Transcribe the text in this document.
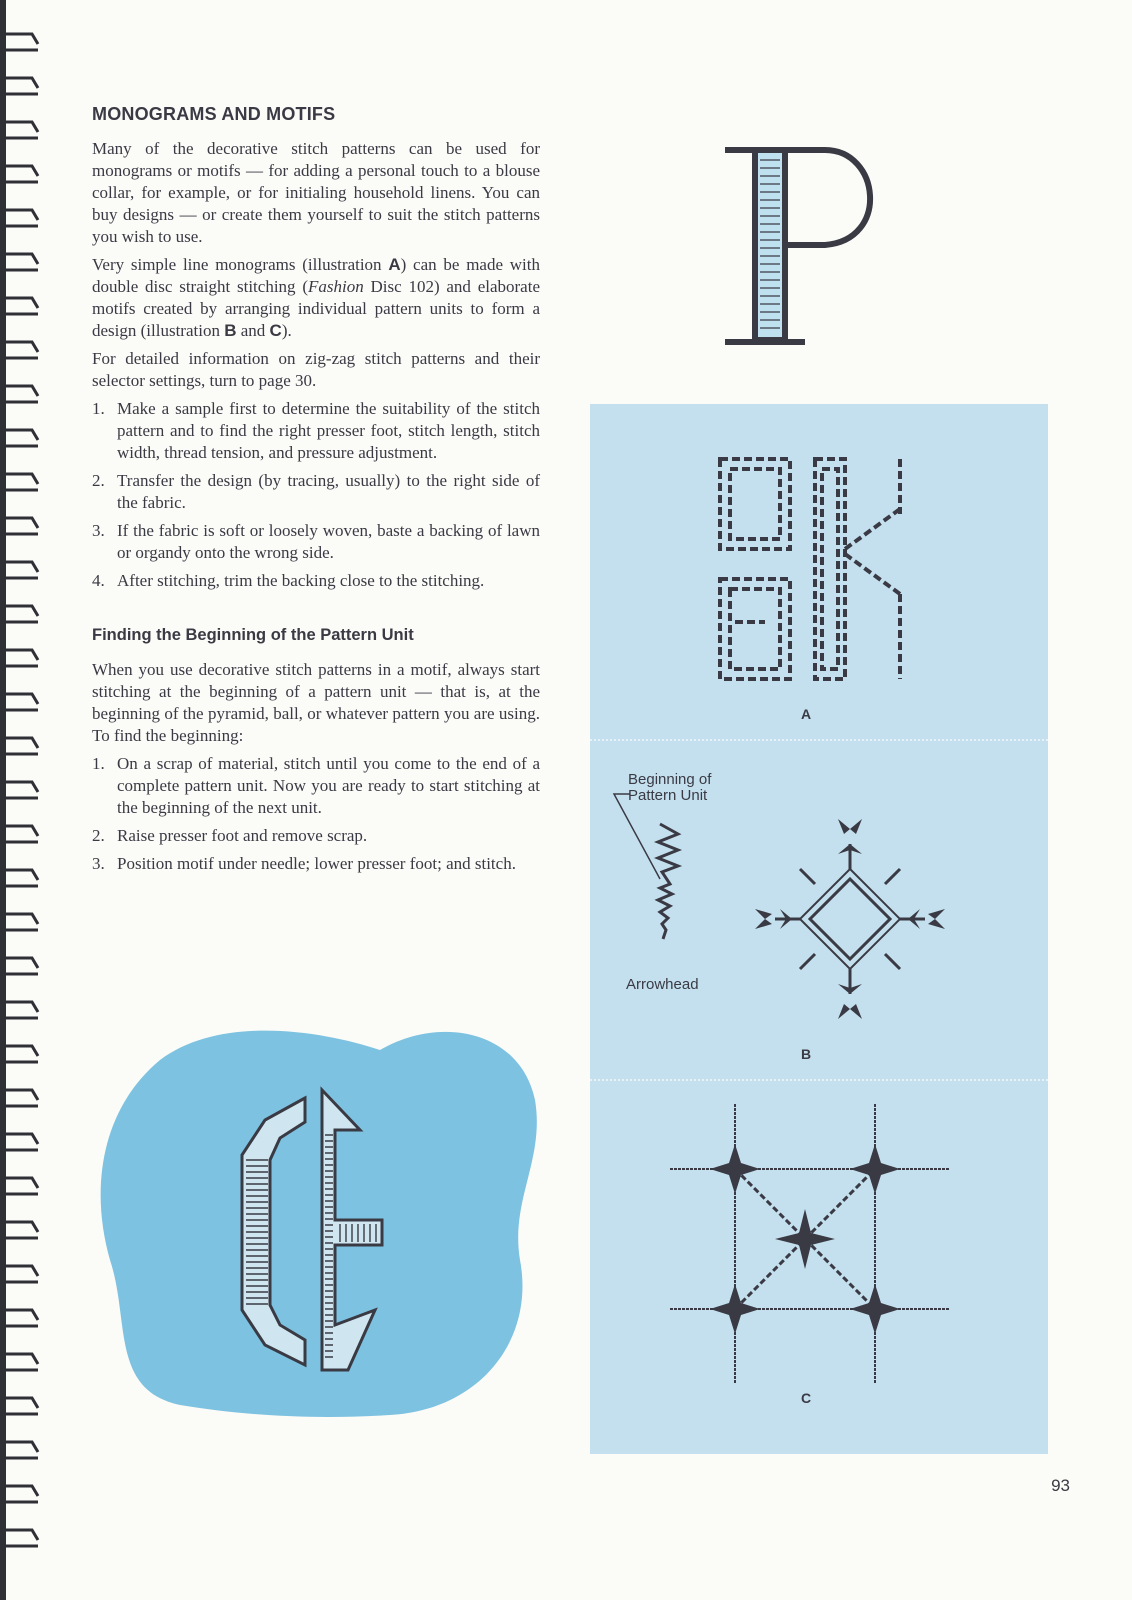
MONOGRAMS AND MOTIFS

Many of the decorative stitch patterns can be used for monograms or motifs — for adding a personal touch to a blouse collar, for example, or for initialing household linens. You can buy designs — or create them yourself to suit the stitch patterns you wish to use.

Very simple line monograms (illustration A) can be made with double disc straight stitching (Fashion Disc 102) and elaborate motifs created by arranging individual pattern units to form a design (illustration B and C).

For detailed information on zig-zag stitch patterns and their selector settings, turn to page 30.

1. Make a sample first to determine the suitability of the stitch pattern and to find the right presser foot, stitch length, stitch width, thread tension, and pressure adjustment.
2. Transfer the design (by tracing, usually) to the right side of the fabric.
3. If the fabric is soft or loosely woven, baste a backing of lawn or organdy onto the wrong side.
4. After stitching, trim the backing close to the stitching.
Finding the Beginning of the Pattern Unit

When you use decorative stitch patterns in a motif, always start stitching at the beginning of a pattern unit — that is, at the beginning of the pyramid, ball, or whatever pattern you are using. To find the beginning:

1. On a scrap of material, stitch until you come to the end of a complete pattern unit. Now you are ready to start stitching at the beginning of the next unit.
2. Raise presser foot and remove scrap.
3. Position motif under needle; lower presser foot; and stitch.
A
Beginning of
Pattern Unit
Arrowhead
B
C
93
